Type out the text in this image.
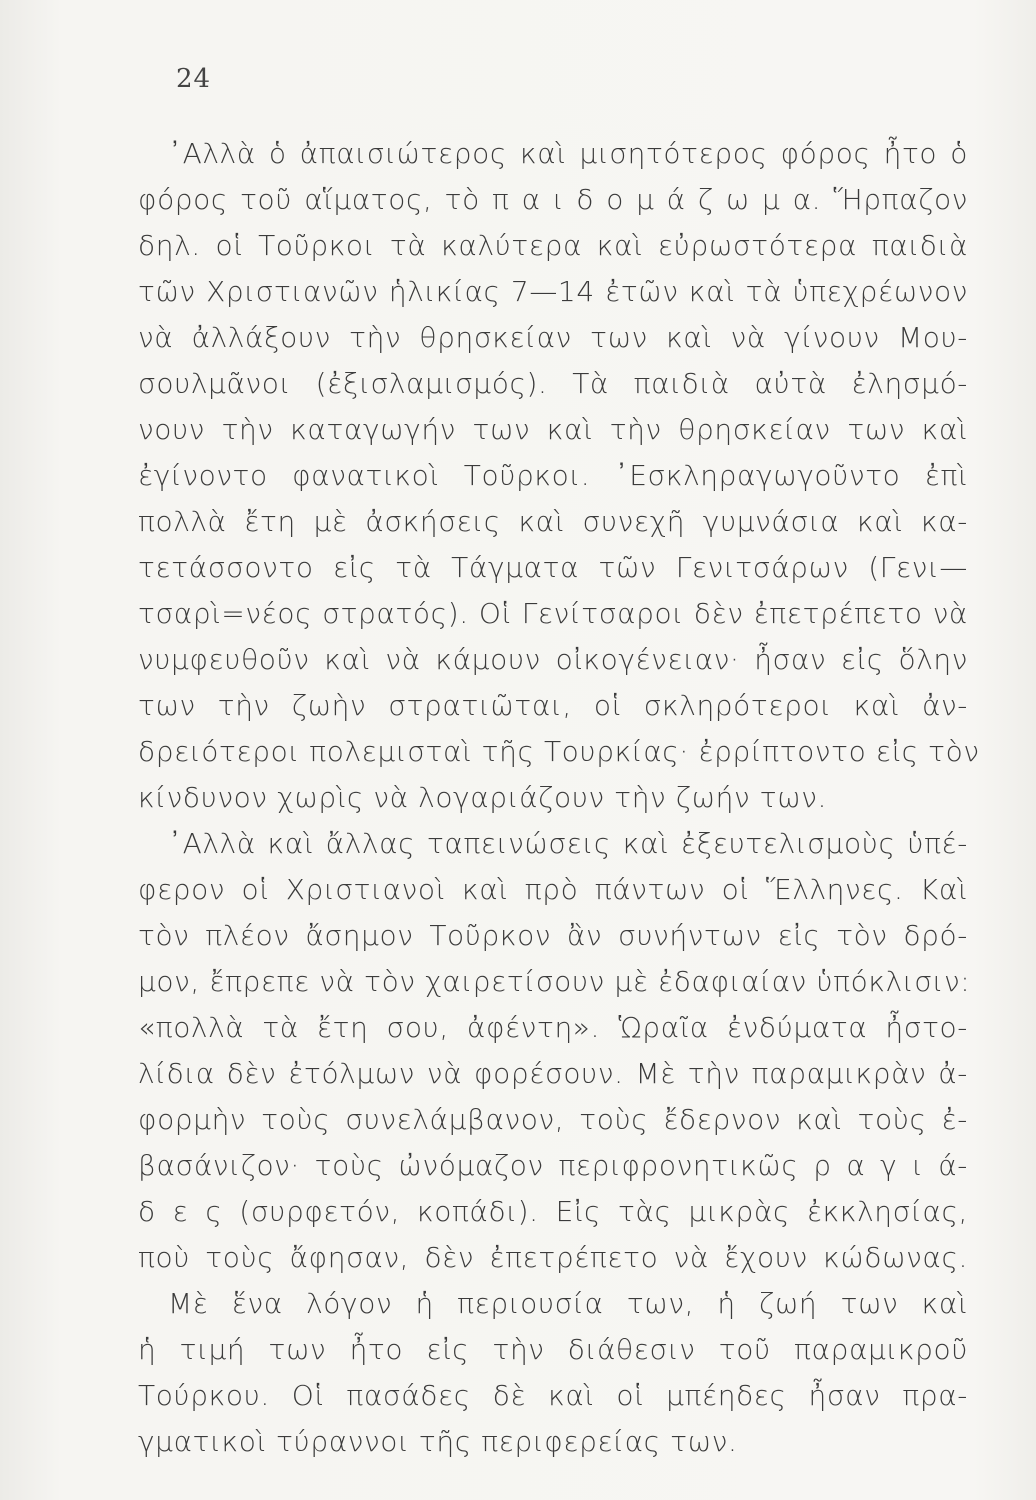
24
᾿Αλλὰ ὁ ἀπαισιώτερος καὶ μισητότερος φόρος ἦτο ὁ
φόρος τοῦ αἵματος, τὸ π α ι δ ο μ ά ζ ω μ α. Ἥρπαζον
δηλ. οἱ Τοῦρκοι τὰ καλύτερα καὶ εὐρωστότερα παιδιὰ
τῶν Χριστιανῶν ἡλικίας 7—14 ἐτῶν καὶ τὰ ὑπεχρέωνον
νὰ ἀλλάξουν τὴν θρησκείαν των καὶ νὰ γίνουν Μου-
σουλμᾶνοι (ἐξισλαμισμός). Τὰ παιδιὰ αὐτὰ ἐλησμό-
νουν τὴν καταγωγήν των καὶ τὴν θρησκείαν των καὶ
ἐγίνοντο φανατικοὶ Τοῦρκοι. ᾿Εσκληραγωγοῦντο ἐπὶ
πολλὰ ἔτη μὲ ἀσκήσεις καὶ συνεχῆ γυμνάσια καὶ κα-
τετάσσοντο εἰς τὰ Τάγματα τῶν Γενιτσάρων (Γενι—
τσαρὶ=νέος στρατός). Οἱ Γενίτσαροι δὲν ἐπετρέπετο νὰ
νυμφευθοῦν καὶ νὰ κάμουν οἰκογένειαν· ἦσαν εἰς ὅλην
των τὴν ζωὴν στρατιῶται, οἱ σκληρότεροι καὶ ἀν-
δρειότεροι πολεμισταὶ τῆς Τουρκίας· ἐρρίπτοντο εἰς τὸν
κίνδυνον χωρὶς νὰ λογαριάζουν τὴν ζωήν των.
᾿Αλλὰ καὶ ἄλλας ταπεινώσεις καὶ ἐξευτελισμοὺς ὑπέ-
φερον οἱ Χριστιανοὶ καὶ πρὸ πάντων οἱ Ἕλληνες. Καὶ
τὸν πλέον ἄσημον Τοῦρκον ἂν συνήντων εἰς τὸν δρό-
μον, ἔπρεπε νὰ τὸν χαιρετίσουν μὲ ἐδαφιαίαν ὑπόκλισιν:
«πολλὰ τὰ ἔτη σου, ἀφέντη». Ὡραῖα ἐνδύματα ἦστο-
λίδια δὲν ἐτόλμων νὰ φορέσουν. Μὲ τὴν παραμικρὰν ἀ-
φορμὴν τοὺς συνελάμβανον, τοὺς ἔδερνον καὶ τοὺς ἐ-
βασάνιζον· τοὺς ὠνόμαζον περιφρονητικῶς ρ α γ ι ά-
δ ε ς (συρφετόν, κοπάδι). Εἰς τὰς μικρὰς ἐκκλησίας,
ποὺ τοὺς ἄφησαν, δὲν ἐπετρέπετο νὰ ἔχουν κώδωνας.
Μὲ ἕνα λόγον ἡ περιουσία των, ἡ ζωή των καὶ
ἡ τιμή των ἦτο εἰς τὴν διάθεσιν τοῦ παραμικροῦ
Τούρκου. Οἱ πασάδες δὲ καὶ οἱ μπέηδες ἦσαν πρα-
γματικοὶ τύραννοι τῆς περιφερείας των.
